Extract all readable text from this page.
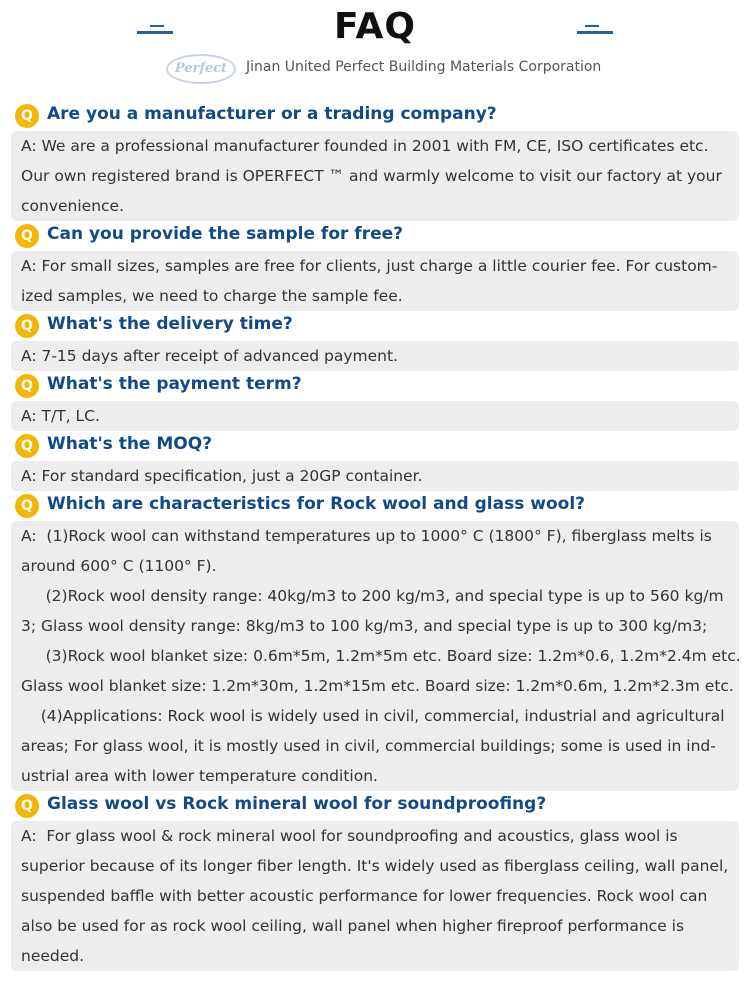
FAQ
Perfect	Jinan United Perfect Building Materials Corporation
Q Are you a manufacturer or a trading company?
A: We are a professional manufacturer founded in 2001 with FM, CE, ISO certificates etc.
Our own registered brand is OPERFECT ™ and warmly welcome to visit our factory at your
convenience.
Q Can you provide the sample for free?
A: For small sizes, samples are free for clients, just charge a little courier fee. For custom-
ized samples, we need to charge the sample fee.
Q What's the delivery time?
A: 7-15 days after receipt of advanced payment.
Q What's the payment term?
A: T/T, LC.
Q What's the MOQ?
A: For standard specification, just a 20GP container.
Q Which are characteristics for Rock wool and glass wool?
A:  (1)Rock wool can withstand temperatures up to 1000° C (1800° F), fiberglass melts is
around 600° C (1100° F).
(2)Rock wool density range: 40kg/m3 to 200 kg/m3, and special type is up to 560 kg/m
3; Glass wool density range: 8kg/m3 to 100 kg/m3, and special type is up to 300 kg/m3;
(3)Rock wool blanket size: 0.6m*5m, 1.2m*5m etc. Board size: 1.2m*0.6, 1.2m*2.4m etc.
Glass wool blanket size: 1.2m*30m, 1.2m*15m etc. Board size: 1.2m*0.6m, 1.2m*2.3m etc.
(4)Applications: Rock wool is widely used in civil, commercial, industrial and agricultural
areas; For glass wool, it is mostly used in civil, commercial buildings; some is used in ind-
ustrial area with lower temperature condition.
Q Glass wool vs Rock mineral wool for soundproofing?
A:  For glass wool & rock mineral wool for soundproofing and acoustics, glass wool is
superior because of its longer fiber length. It's widely used as fiberglass ceiling, wall panel,
suspended baffle with better acoustic performance for lower frequencies. Rock wool can
also be used for as rock wool ceiling, wall panel when higher fireproof performance is
needed.
